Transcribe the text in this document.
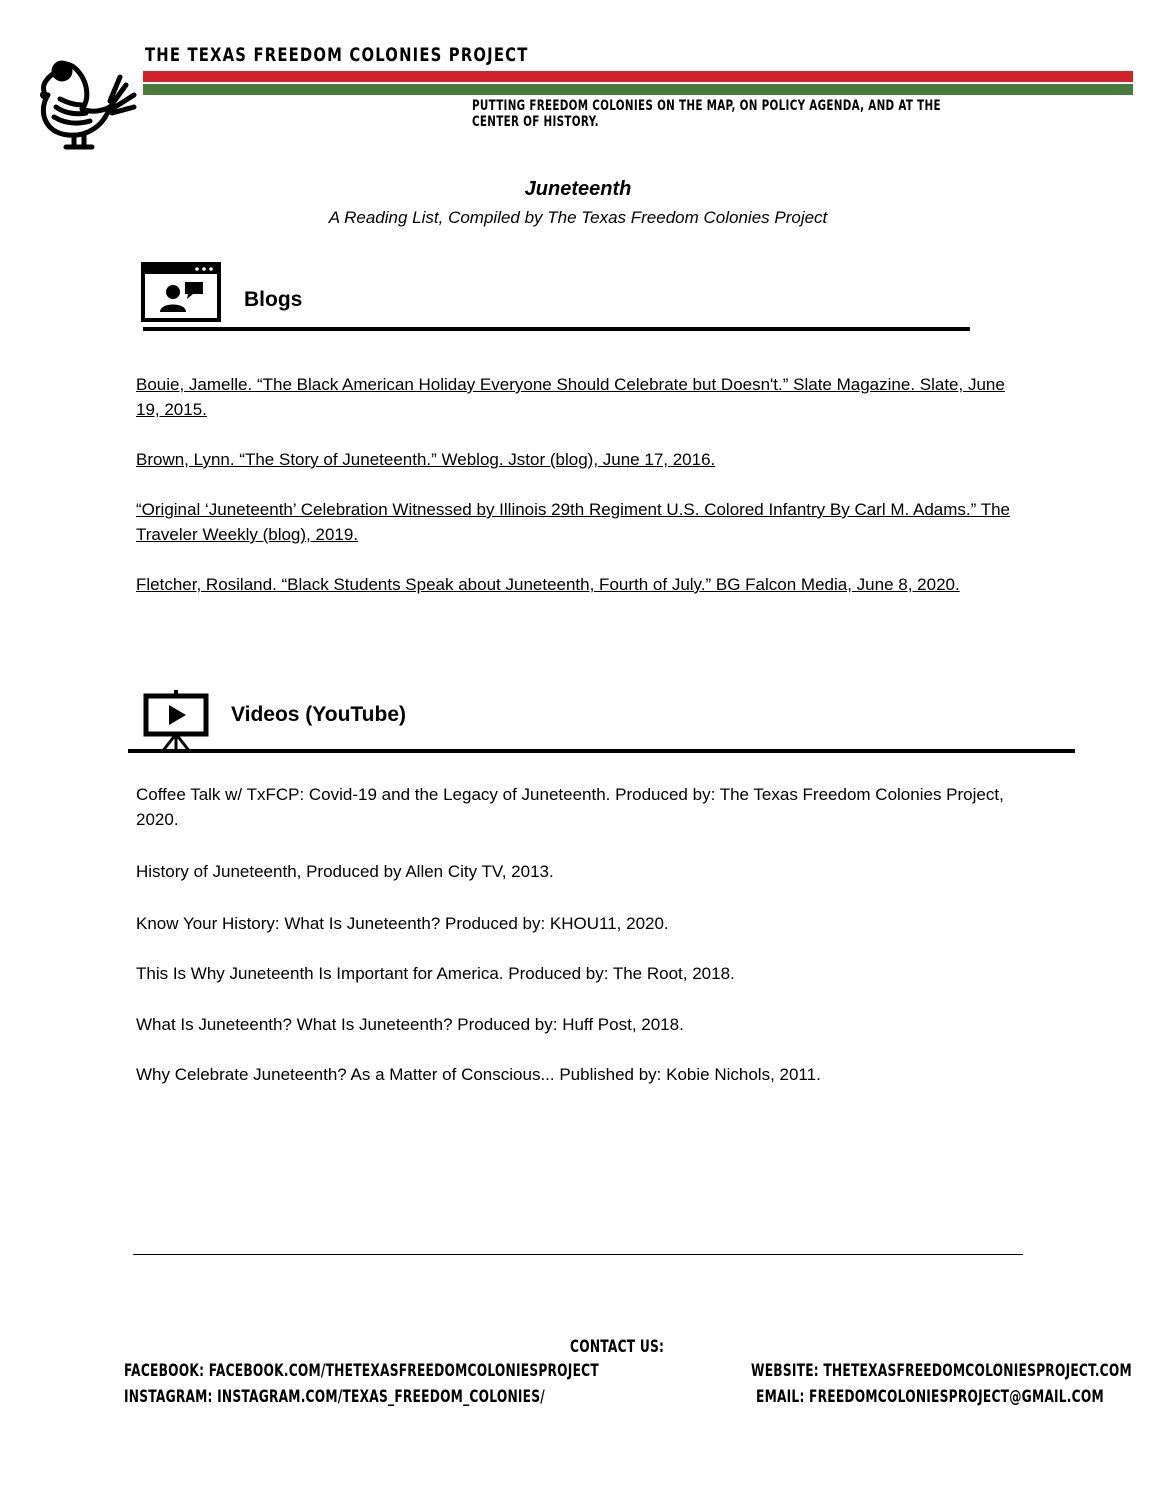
THE TEXAS FREEDOM COLONIES PROJECT
PUTTING FREEDOM COLONIES ON THE MAP, ON POLICY AGENDA, AND AT THE CENTER OF HISTORY.
Juneteenth
A Reading List, Compiled by The Texas Freedom Colonies Project
Blogs
Bouie, Jamelle. “The Black American Holiday Everyone Should Celebrate but Doesn't.” Slate Magazine. Slate, June 19, 2015.
Brown, Lynn. “The Story of Juneteenth.” Weblog. Jstor (blog), June 17, 2016.
“Original ‘Juneteenth’ Celebration Witnessed by Illinois 29th Regiment U.S. Colored Infantry By Carl M. Adams.” The Traveler Weekly (blog), 2019.
Fletcher, Rosiland. “Black Students Speak about Juneteenth, Fourth of July.” BG Falcon Media, June 8, 2020.
Videos (YouTube)
Coffee Talk w/ TxFCP: Covid-19 and the Legacy of Juneteenth. Produced by: The Texas Freedom Colonies Project, 2020.
History of Juneteenth, Produced by Allen City TV, 2013.
Know Your History: What Is Juneteenth? Produced by: KHOU11, 2020.
This Is Why Juneteenth Is Important for America. Produced by: The Root, 2018.
What Is Juneteenth? What Is Juneteenth? Produced by: Huff Post, 2018.
Why Celebrate Juneteenth? As a Matter of Conscious... Published by: Kobie Nichols, 2011.
CONTACT US:
FACEBOOK: FACEBOOK.COM/THETEXASFREEDOMCOLONIESPROJECT
INSTAGRAM: INSTAGRAM.COM/TEXAS_FREEDOM_COLONIES/
WEBSITE: THETEXASFREEDOMCOLONIESPROJECT.COM
EMAIL: FREEDOMCOLONIESPROJECT@GMAIL.COM
